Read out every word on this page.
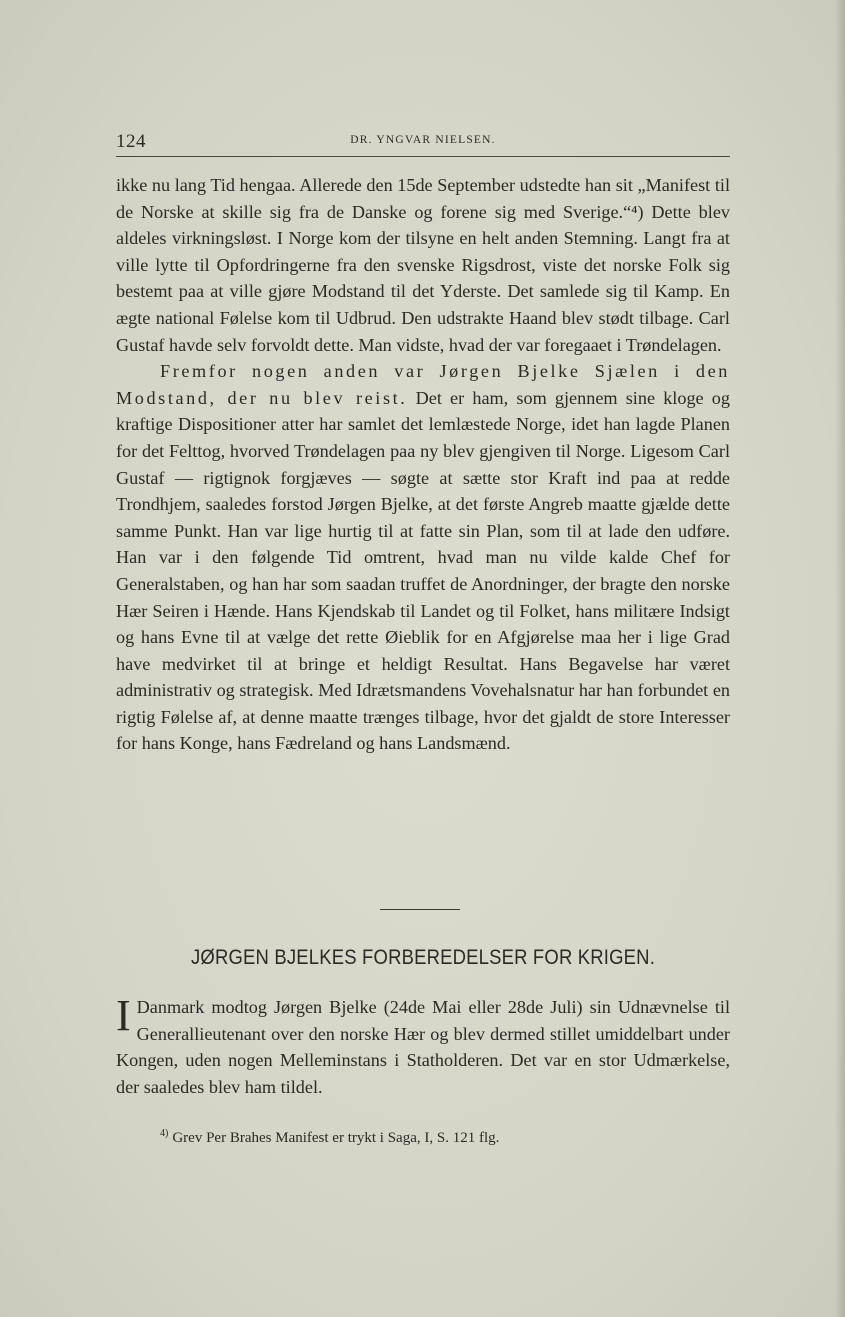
124	DR. YNGVAR NIELSEN.

ikke nu lang Tid hengaa. Allerede den 15de September udstedte han sit „Manifest til de Norske at skille sig fra de Danske og forene sig med Sverige.“⁴) Dette blev aldeles virkningsløst. I Norge kom der tilsyne en helt anden Stemning. Langt fra at ville lytte til Opfordringerne fra den svenske Rigsdrost, viste det norske Folk sig bestemt paa at ville gjøre Modstand til det Yderste. Det samlede sig til Kamp. En ægte national Følelse kom til Udbrud. Den udstrakte Haand blev stødt tilbage. Carl Gustaf havde selv forvoldt dette. Man vidste, hvad der var foregaaet i Trøndelagen.

Fremfor nogen anden var Jørgen Bjelke Sjælen i den Modstand, der nu blev reist. Det er ham, som gjennem sine kloge og kraftige Dispositioner atter har samlet det lemlæstede Norge, idet han lagde Planen for det Felttog, hvorved Trøndelagen paa ny blev gjengiven til Norge. Ligesom Carl Gustaf — rigtignok forgjæves — søgte at sætte stor Kraft ind paa at redde Trondhjem, saaledes forstod Jørgen Bjelke, at det første Angreb maatte gjælde dette samme Punkt. Han var lige hurtig til at fatte sin Plan, som til at lade den udføre. Han var i den følgende Tid omtrent, hvad man nu vilde kalde Chef for Generalstaben, og han har som saadan truffet de Anordninger, der bragte den norske Hær Seiren i Hænde. Hans Kjendskab til Landet og til Folket, hans militære Indsigt og hans Evne til at vælge det rette Øieblik for en Afgjørelse maa her i lige Grad have medvirket til at bringe et heldigt Resultat. Hans Begavelse har været administrativ og strategisk. Med Idrætsmandens Vovehalsnatur har han forbundet en rigtig Følelse af, at denne maatte trænges tilbage, hvor det gjaldt de store Interesser for hans Konge, hans Fædreland og hans Landsmænd.

JØRGEN BJELKES FORBEREDELSER FOR KRIGEN.

I Danmark modtog Jørgen Bjelke (24de Mai eller 28de Juli) sin Udnævnelse til Generallieutenant over den norske Hær og blev dermed stillet umiddelbart under Kongen, uden nogen Melleminstans i Statholderen. Det var en stor Udmærkelse, der saaledes blev ham tildel.

$^{4)}$ Grev Per Brahes Manifest er trykt i Saga, I, S. 121 flg.
